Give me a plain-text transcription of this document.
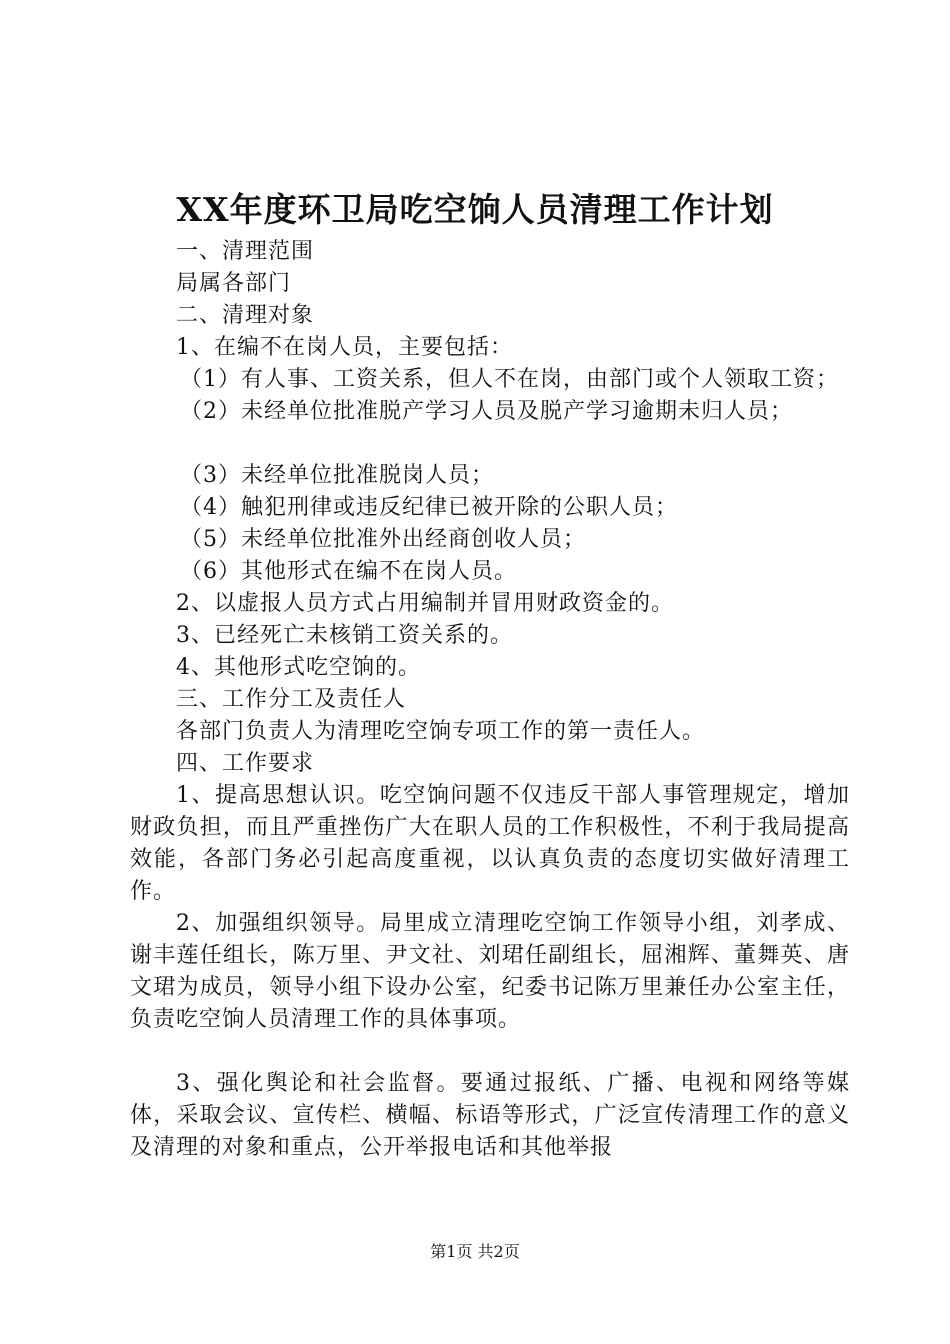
XX年度环卫局吃空饷人员清理工作计划

一、清理范围

局属各部门

二、清理对象

1、在编不在岗人员，主要包括：

（1）有人事、工资关系，但人不在岗，由部门或个人领取工资；

（2）未经单位批准脱产学习人员及脱产学习逾期未归人员；

（3）未经单位批准脱岗人员；

（4）触犯刑律或违反纪律已被开除的公职人员；

（5）未经单位批准外出经商创收人员；

（6）其他形式在编不在岗人员。

2、以虚报人员方式占用编制并冒用财政资金的。

3、已经死亡未核销工资关系的。

4、其他形式吃空饷的。

三、工作分工及责任人

各部门负责人为清理吃空饷专项工作的第一责任人。

四、工作要求

1、提高思想认识。吃空饷问题不仅违反干部人事管理规定，增加财政负担，而且严重挫伤广大在职人员的工作积极性，不利于我局提高效能，各部门务必引起高度重视，以认真负责的态度切实做好清理工作。

2、加强组织领导。局里成立清理吃空饷工作领导小组，刘孝成、谢丰莲任组长，陈万里、尹文社、刘珺任副组长，屈湘辉、董舞英、唐文珺为成员，领导小组下设办公室，纪委书记陈万里兼任办公室主任，负责吃空饷人员清理工作的具体事项。

3、强化舆论和社会监督。要通过报纸、广播、电视和网络等媒体，采取会议、宣传栏、横幅、标语等形式，广泛宣传清理工作的意义及清理的对象和重点，公开举报电话和其他举报

第1页 共2页
